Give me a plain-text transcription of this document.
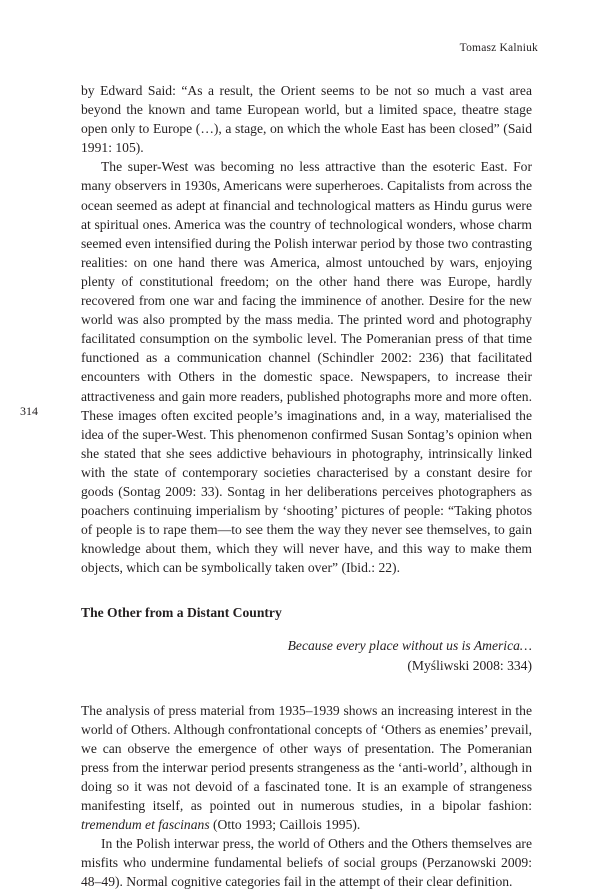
Tomasz Kalniuk

314

by Edward Said: “As a result, the Orient seems to be not so much a vast area beyond the known and tame European world, but a limited space, theatre stage open only to Europe (…), a stage, on which the whole East has been closed” (Said 1991: 105).

The super-West was becoming no less attractive than the esoteric East. For many observers in 1930s, Americans were superheroes. Capitalists from across the ocean seemed as adept at financial and technological matters as Hindu gurus were at spiritual ones. America was the country of technological wonders, whose charm seemed even intensified during the Polish interwar period by those two contrasting realities: on one hand there was America, almost untouched by wars, enjoying plenty of constitutional freedom; on the other hand there was Europe, hardly recovered from one war and facing the imminence of another. Desire for the new world was also prompted by the mass media. The printed word and photography facilitated consumption on the symbolic level. The Pomeranian press of that time functioned as a communication channel (Schindler 2002: 236) that facilitated encounters with Others in the domestic space. Newspapers, to increase their attractiveness and gain more readers, published photographs more and more often. These images often excited people’s imaginations and, in a way, materialised the idea of the super-West. This phenomenon confirmed Susan Sontag’s opinion when she stated that she sees addictive behaviours in photography, intrinsically linked with the state of contemporary societies characterised by a constant desire for goods (Sontag 2009: 33). Sontag in her deliberations perceives photographers as poachers continuing imperialism by ‘shooting’ pictures of people: “Taking photos of people is to rape them—to see them the way they never see themselves, to gain knowledge about them, which they will never have, and this way to make them objects, which can be symbolically taken over” (Ibid.: 22).

The Other from a Distant Country
Because every place without us is America…
(Myśliwski 2008: 334)

The analysis of press material from 1935–1939 shows an increasing interest in the world of Others. Although confrontational concepts of ‘Others as enemies’ prevail, we can observe the emergence of other ways of presentation. The Pomeranian press from the interwar period presents strangeness as the ‘anti-world’, although in doing so it was not devoid of a fascinated tone. It is an example of strangeness manifesting itself, as pointed out in numerous studies, in a bipolar fashion: tremendum et fascinans (Otto 1993; Caillois 1995).

In the Polish interwar press, the world of Others and the Others themselves are misfits who undermine fundamental beliefs of social groups (Perzanowski 2009: 48–49). Normal cognitive categories fail in the attempt of their clear definition.
